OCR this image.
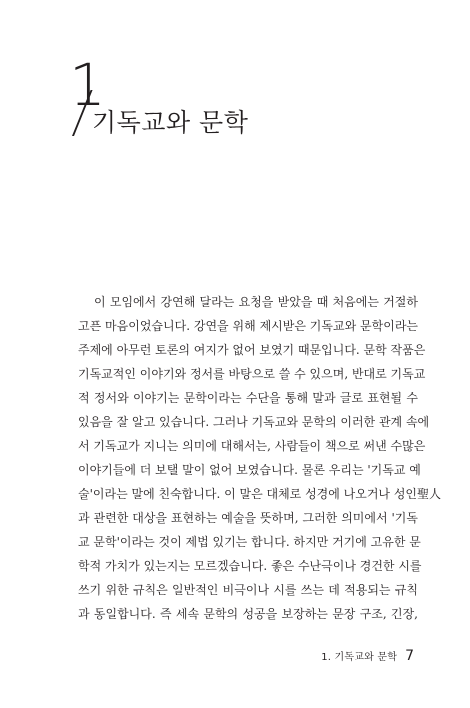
1
기독교와 문학
이 모임에서 강연해 달라는 요청을 받았을 때 처음에는 거절하
고픈 마음이었습니다. 강연을 위해 제시받은 기독교와 문학이라는
주제에 아무런 토론의 여지가 없어 보였기 때문입니다. 문학 작품은
기독교적인 이야기와 정서를 바탕으로 쓸 수 있으며, 반대로 기독교
적 정서와 이야기는 문학이라는 수단을 통해 말과 글로 표현될 수
있음을 잘 알고 있습니다. 그러나 기독교와 문학의 이러한 관계 속에
서 기독교가 지니는 의미에 대해서는, 사람들이 책으로 써낸 수많은
이야기들에 더 보탤 말이 없어 보였습니다. 물론 우리는 '기독교 예
술'이라는 말에 친숙합니다. 이 말은 대체로 성경에 나오거나 성인聖人
과 관련한 대상을 표현하는 예술을 뜻하며, 그러한 의미에서 '기독
교 문학'이라는 것이 제법 있기는 합니다. 하지만 거기에 고유한 문
학적 가치가 있는지는 모르겠습니다. 좋은 수난극이나 경건한 시를
쓰기 위한 규칙은 일반적인 비극이나 시를 쓰는 데 적용되는 규칙
과 동일합니다. 즉 세속 문학의 성공을 보장하는 문장 구조, 긴장,
1. 기독교와 문학 7
